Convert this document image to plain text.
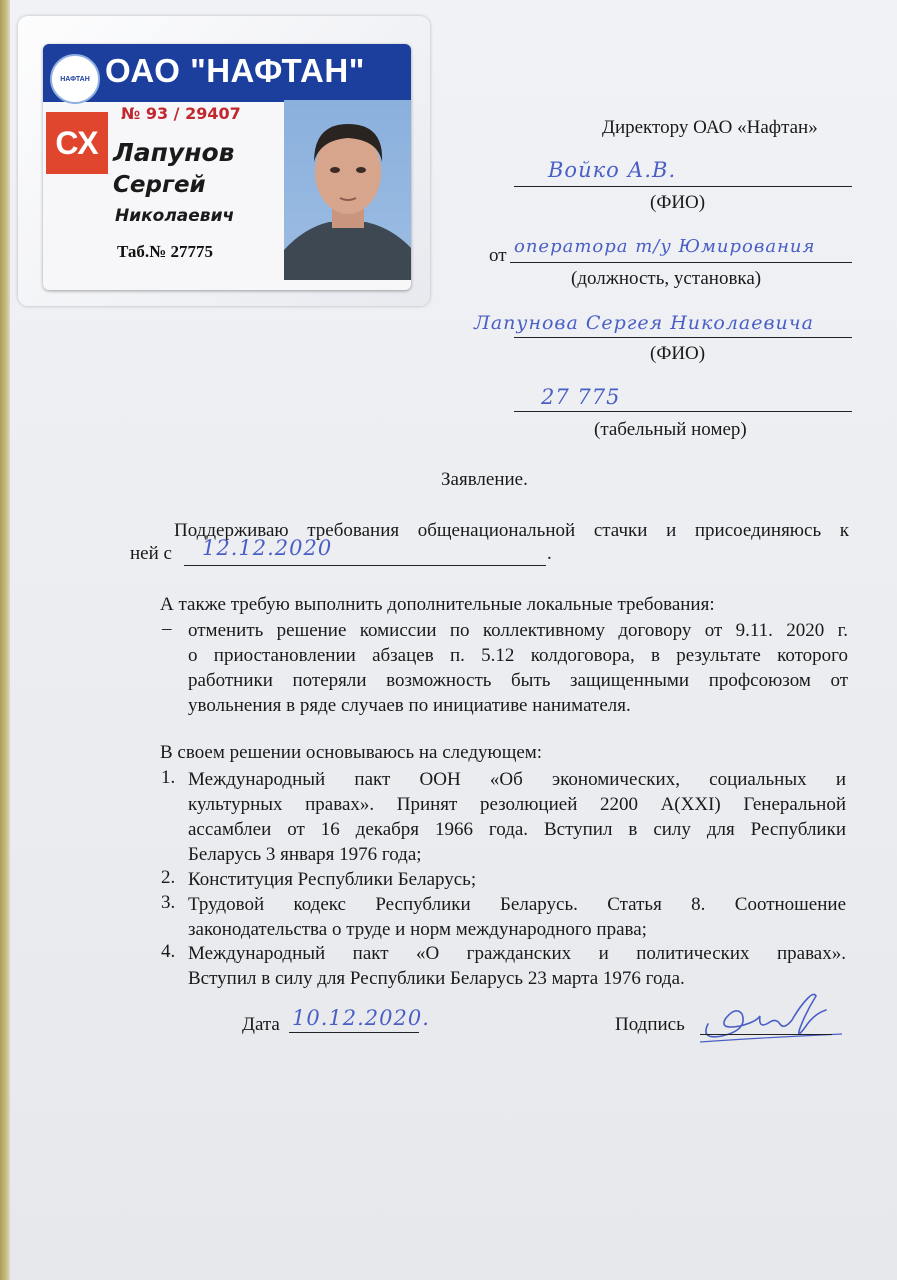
НАФТАН ОАО "НАФТАН"
№ 93 / 29407
СХ Лапунов
Сергей
Николаевич
Таб.№ 27775
Директору ОАО «Нафтан»
Войко А.В.
(ФИО)
от оператора т/у Юмирования
(должность, установка)
Лапунова Сергея Николаевича
(ФИО)
27 775
(табельный номер)
Заявление.
Поддерживаю требования общенациональной стачки и присоединяюсь к
ней с 12.12.2020	.
А также требую выполнить дополнительные локальные требования:
– отменить решение комиссии по коллективному договору от 9.11. 2020 г.
о приостановлении абзацев п. 5.12 колдоговора, в результате которого
работники потеряли возможность быть защищенными профсоюзом от
увольнения в ряде случаев по инициативе нанимателя.
В своем решении основываюсь на следующем:
1. Международный пакт ООН «Об экономических, социальных и
культурных правах». Принят резолюцией 2200 А(XXI) Генеральной
ассамблеи от 16 декабря 1966 года. Вступил в силу для Республики
Беларусь 3 января 1976 года;
2. Конституция Республики Беларусь;
3. Трудовой кодекс Республики Беларусь. Статья 8. Соотношение
законодательства о труде и норм международного права;
4. Международный пакт «О гражданских и политических правах».
Вступил в силу для Республики Беларусь 23 марта 1976 года.
Дата 10.12.2020.	Подпись
